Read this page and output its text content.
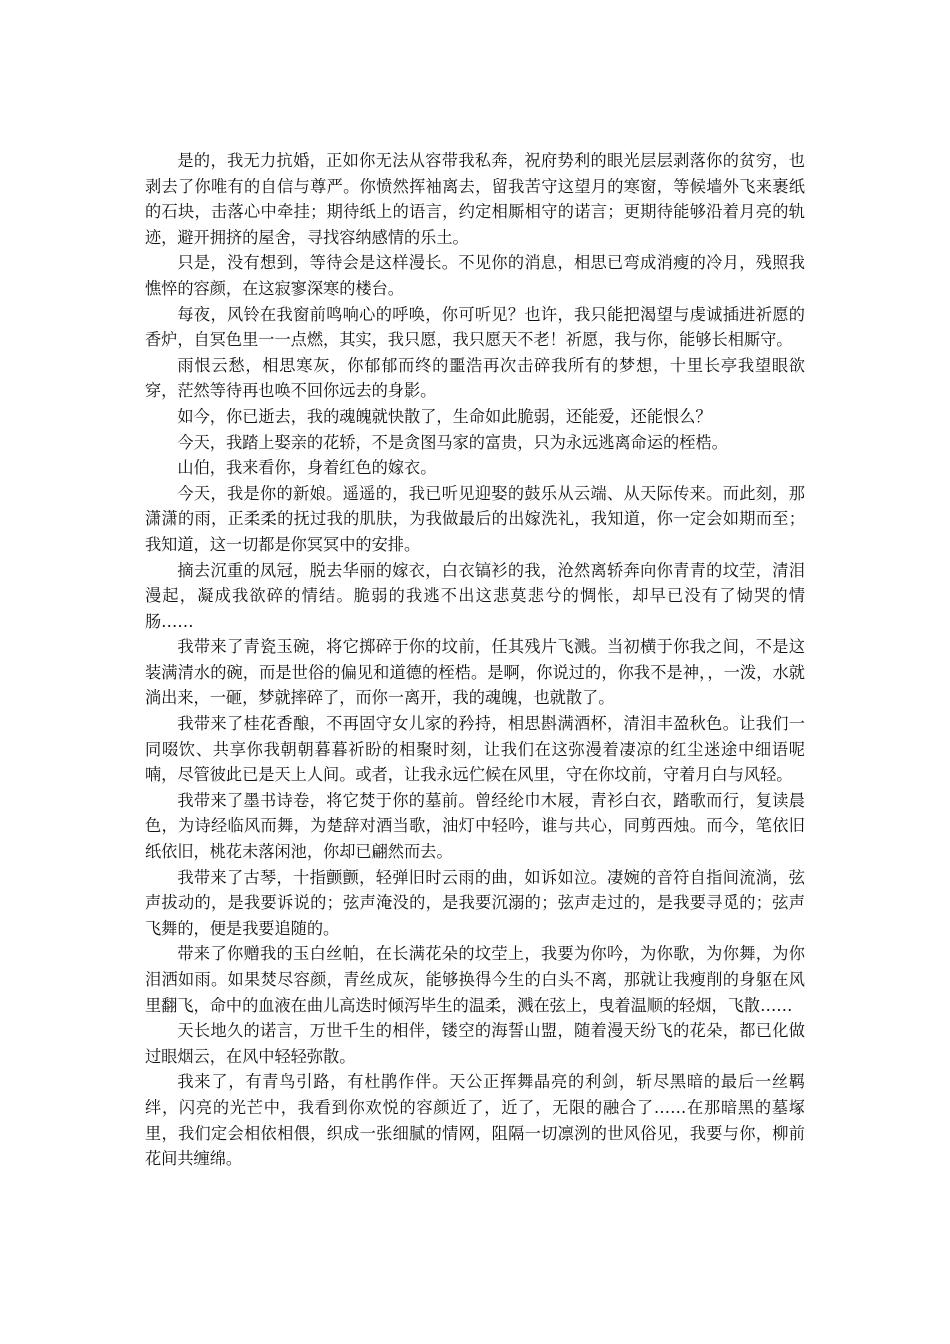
是的，我无力抗婚，正如你无法从容带我私奔，祝府势利的眼光层层剥落你的贫穷，也剥去了你唯有的自信与尊严。你愤然挥袖离去，留我苦守这望月的寒窗，等候墙外飞来裹纸的石块，击落心中牵挂；期待纸上的语言，约定相厮相守的诺言；更期待能够沿着月亮的轨迹，避开拥挤的屋舍，寻找容纳感情的乐土。

只是，没有想到，等待会是这样漫长。不见你的消息，相思已弯成消瘦的冷月，残照我憔悴的容颜，在这寂寥深寒的楼台。

每夜，风铃在我窗前鸣响心的呼唤，你可听见？也许，我只能把渴望与虔诚插进祈愿的香炉，自冥色里一一点燃，其实，我只愿，我只愿天不老！祈愿，我与你，能够长相厮守。

雨恨云愁，相思寒灰，你郁郁而终的噩浩再次击碎我所有的梦想，十里长亭我望眼欲穿，茫然等待再也唤不回你远去的身影。

如今，你已逝去，我的魂魄就快散了，生命如此脆弱，还能爱，还能恨么？

今天，我踏上娶亲的花轿，不是贪图马家的富贵，只为永远逃离命运的桎梏。

山伯，我来看你，身着红色的嫁衣。

今天，我是你的新娘。遥遥的，我已听见迎娶的鼓乐从云端、从天际传来。而此刻，那潇潇的雨，正柔柔的抚过我的肌肤，为我做最后的出嫁洗礼，我知道，你一定会如期而至；我知道，这一切都是你冥冥中的安排。

摘去沉重的凤冠，脱去华丽的嫁衣，白衣镐衫的我，沧然离轿奔向你青青的坟茔，清泪漫起，凝成我欲碎的情结。脆弱的我逃不出这悲莫悲兮的惆怅，却早已没有了恸哭的情肠……

我带来了青瓷玉碗，将它掷碎于你的坟前，任其残片飞溅。当初横于你我之间，不是这装满清水的碗，而是世俗的偏见和道德的桎梏。是啊，你说过的，你我不是神，，一泼，水就淌出来，一砸，梦就摔碎了，而你一离开，我的魂魄，也就散了。

我带来了桂花香酿，不再固守女儿家的矜持，相思斟满酒杯，清泪丰盈秋色。让我们一同啜饮、共享你我朝朝暮暮祈盼的相聚时刻，让我们在这弥漫着凄凉的红尘迷途中细语呢喃，尽管彼此已是天上人间。或者，让我永远伫候在风里，守在你坟前，守着月白与风轻。

我带来了墨书诗卷，将它焚于你的墓前。曾经纶巾木屐，青衫白衣，踏歌而行，复读晨色，为诗经临风而舞，为楚辞对酒当歌，油灯中轻吟，谁与共心，同剪西烛。而今，笔依旧纸依旧，桃花未落闲池，你却已翩然而去。

我带来了古琴，十指颤颤，轻弹旧时云雨的曲，如诉如泣。凄婉的音符自指间流淌，弦声拔动的，是我要诉说的；弦声淹没的，是我要沉溺的；弦声走过的，是我要寻觅的；弦声飞舞的，便是我要追随的。

带来了你赠我的玉白丝帕，在长满花朵的坟茔上，我要为你吟，为你歌，为你舞，为你泪洒如雨。如果焚尽容颜，青丝成灰，能够换得今生的白头不离，那就让我瘦削的身躯在风里翻飞，命中的血液在曲儿高迭时倾泻毕生的温柔，溅在弦上，曳着温顺的轻烟，飞散……

天长地久的诺言，万世千生的相伴，镂空的海誓山盟，随着漫天纷飞的花朵，都已化做过眼烟云，在风中轻轻弥散。

我来了，有青鸟引路，有杜鹃作伴。天公正挥舞晶亮的利剑，斩尽黑暗的最后一丝羁绊，闪亮的光芒中，我看到你欢悦的容颜近了，近了，无限的融合了……在那暗黑的墓塚里，我们定会相依相偎，织成一张细腻的情网，阻隔一切凛洌的世风俗见，我要与你，柳前花间共缠绵。
